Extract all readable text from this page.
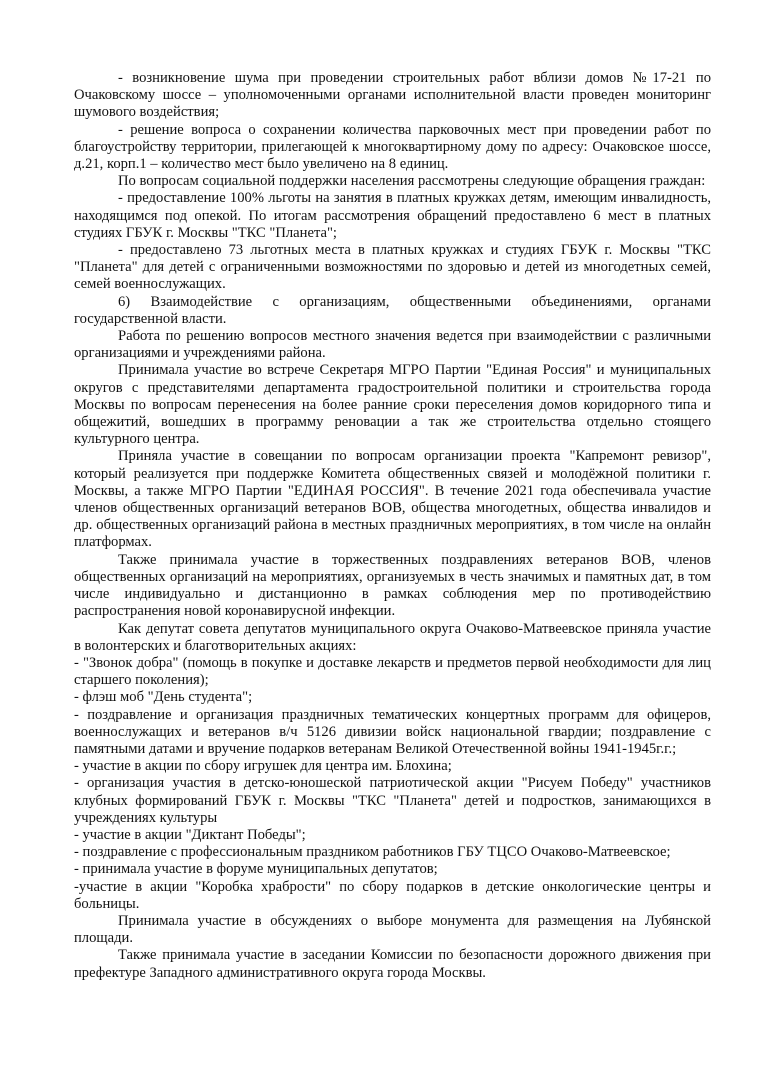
- возникновение шума при проведении строительных работ вблизи домов №17-21 по Очаковскому шоссе – уполномоченными органами исполнительной власти проведен мониторинг шумового воздействия;

- решение вопроса о сохранении количества парковочных мест при проведении работ по благоустройству территории, прилегающей к многоквартирному дому по адресу: Очаковское шоссе, д.21, корп.1 – количество мест было увеличено на 8 единиц.

По вопросам социальной поддержки населения рассмотрены следующие обращения граждан:

- предоставление 100% льготы на занятия в платных кружках детям, имеющим инвалидность, находящимся под опекой. По итогам рассмотрения обращений предоставлено 6 мест в платных студиях ГБУК г. Москвы "ТКС "Планета";

- предоставлено 73 льготных места в платных кружках и студиях ГБУК г. Москвы "ТКС "Планета" для детей с ограниченными возможностями по здоровью и детей из многодетных семей, семей военнослужащих.

6) Взаимодействие с организациям, общественными объединениями, органами государственной власти.

Работа по решению вопросов местного значения ведется при взаимодействии с различными организациями и учреждениями района.

Принимала участие во встрече Секретаря МГРО Партии "Единая Россия" и муниципальных округов с представителями департамента градостроительной политики и строительства города Москвы по вопросам перенесения на более ранние сроки переселения домов коридорного типа и общежитий, вошедших в программу реновации а так же строительства отдельно стоящего культурного центра.

Приняла участие в совещании по вопросам организации проекта "Капремонт ревизор", который реализуется при поддержке Комитета общественных связей и молодёжной политики г. Москвы, а также МГРО Партии "ЕДИНАЯ РОССИЯ". В течение 2021 года обеспечивала участие членов общественных организаций ветеранов ВОВ, общества многодетных, общества инвалидов и др. общественных организаций района в местных праздничных мероприятиях, в том числе на онлайн платформах.

Также принимала участие в торжественных поздравлениях ветеранов ВОВ, членов общественных организаций на мероприятиях, организуемых в честь значимых и памятных дат, в том числе индивидуально и дистанционно в рамках соблюдения мер по противодействию распространения новой коронавирусной инфекции.

Как депутат совета депутатов муниципального округа Очаково-Матвеевское приняла участие в волонтерских и благотворительных акциях:

- "Звонок добра" (помощь в покупке и доставке лекарств и предметов первой необходимости для лиц старшего поколения);

- флэш моб "День студента";

- поздравление и организация праздничных тематических концертных программ для офицеров, военнослужащих и ветеранов в/ч 5126 дивизии войск национальной гвардии; поздравление с памятными датами и вручение подарков ветеранам Великой Отечественной войны 1941-1945г.г.;

- участие в акции по сбору игрушек для центра им. Блохина;

- организация участия в детско-юношеской патриотической акции "Рисуем Победу" участников клубных формирований ГБУК г. Москвы "ТКС "Планета" детей и подростков, занимающихся в учреждениях культуры

- участие в акции "Диктант Победы";

- поздравление с профессиональным праздником работников ГБУ ТЦСО Очаково-Матвеевское;

- принимала участие в форуме муниципальных депутатов;

-участие в акции "Коробка храбрости" по сбору подарков в детские онкологические центры и больницы.

Принимала участие в обсуждениях о выборе монумента для размещения на Лубянской площади.

Также принимала участие в заседании Комиссии по безопасности дорожного движения при префектуре Западного административного округа города Москвы.
